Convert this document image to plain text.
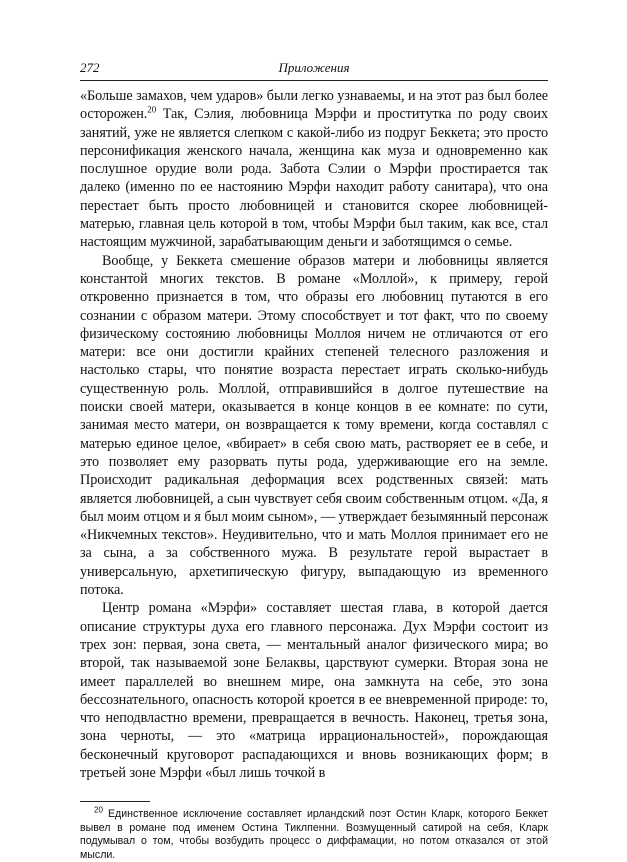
272	Приложения

«Больше замахов, чем ударов» были легко узнаваемы, и на этот раз был более осторожен.$^{20}$ Так, Сэлия, любовница Мэрфи и проститутка по роду своих занятий, уже не является слепком с какой-либо из подруг Беккета; это просто персонификация женского начала, женщина как муза и одновременно как послушное орудие воли рода. Забота Сэлии о Мэрфи простирается так далеко (именно по ее настоянию Мэрфи находит работу санитара), что она перестает быть просто любовницей и становится скорее любовницей-матерью, главная цель которой в том, чтобы Мэрфи был таким, как все, стал настоящим мужчиной, зарабатывающим деньги и заботящимся о семье.

Вообще, у Беккета смешение образов матери и любовницы является константой многих текстов. В романе «Моллой», к примеру, герой откровенно признается в том, что образы его любовниц путаются в его сознании с образом матери. Этому способствует и тот факт, что по своему физическому состоянию любовницы Моллоя ничем не отличаются от его матери: все они достигли крайних степеней телесного разложения и настолько стары, что понятие возраста перестает играть сколько-нибудь существенную роль. Моллой, отправившийся в долгое путешествие на поиски своей матери, оказывается в конце концов в ее комнате: по сути, занимая место матери, он возвращается к тому времени, когда составлял с матерью единое целое, «вбирает» в себя свою мать, растворяет ее в себе, и это позволяет ему разорвать путы рода, удерживающие его на земле. Происходит радикальная деформация всех родственных связей: мать является любовницей, а сын чувствует себя своим собственным отцом. «Да, я был моим отцом и я был моим сыном», — утверждает безымянный персонаж «Никчемных текстов». Неудивительно, что и мать Моллоя принимает его не за сына, а за собственного мужа. В результате герой вырастает в универсальную, архетипическую фигуру, выпадающую из временного потока.

Центр романа «Мэрфи» составляет шестая глава, в которой дается описание структуры духа его главного персонажа. Дух Мэрфи состоит из трех зон: первая, зона света, — ментальный аналог физического мира; во второй, так называемой зоне Белаквы, царствуют сумерки. Вторая зона не имеет параллелей во внешнем мире, она замкнута на себе, это зона бессознательного, опасность которой кроется в ее вневременной природе: то, что неподвластно времени, превращается в вечность. Наконец, третья зона, зона черноты, — это «матрица иррациональностей», порождающая бесконечный круговорот распадающихся и вновь возникающих форм; в третьей зоне Мэрфи «был лишь точкой в

$^{20}$ Единственное исключение составляет ирландский поэт Остин Кларк, которого Беккет вывел в романе под именем Остина Тиклпенни. Возмущенный сатирой на себя, Кларк подумывал о том, чтобы возбудить процесс о диффамации, но потом отказался от этой мысли.
